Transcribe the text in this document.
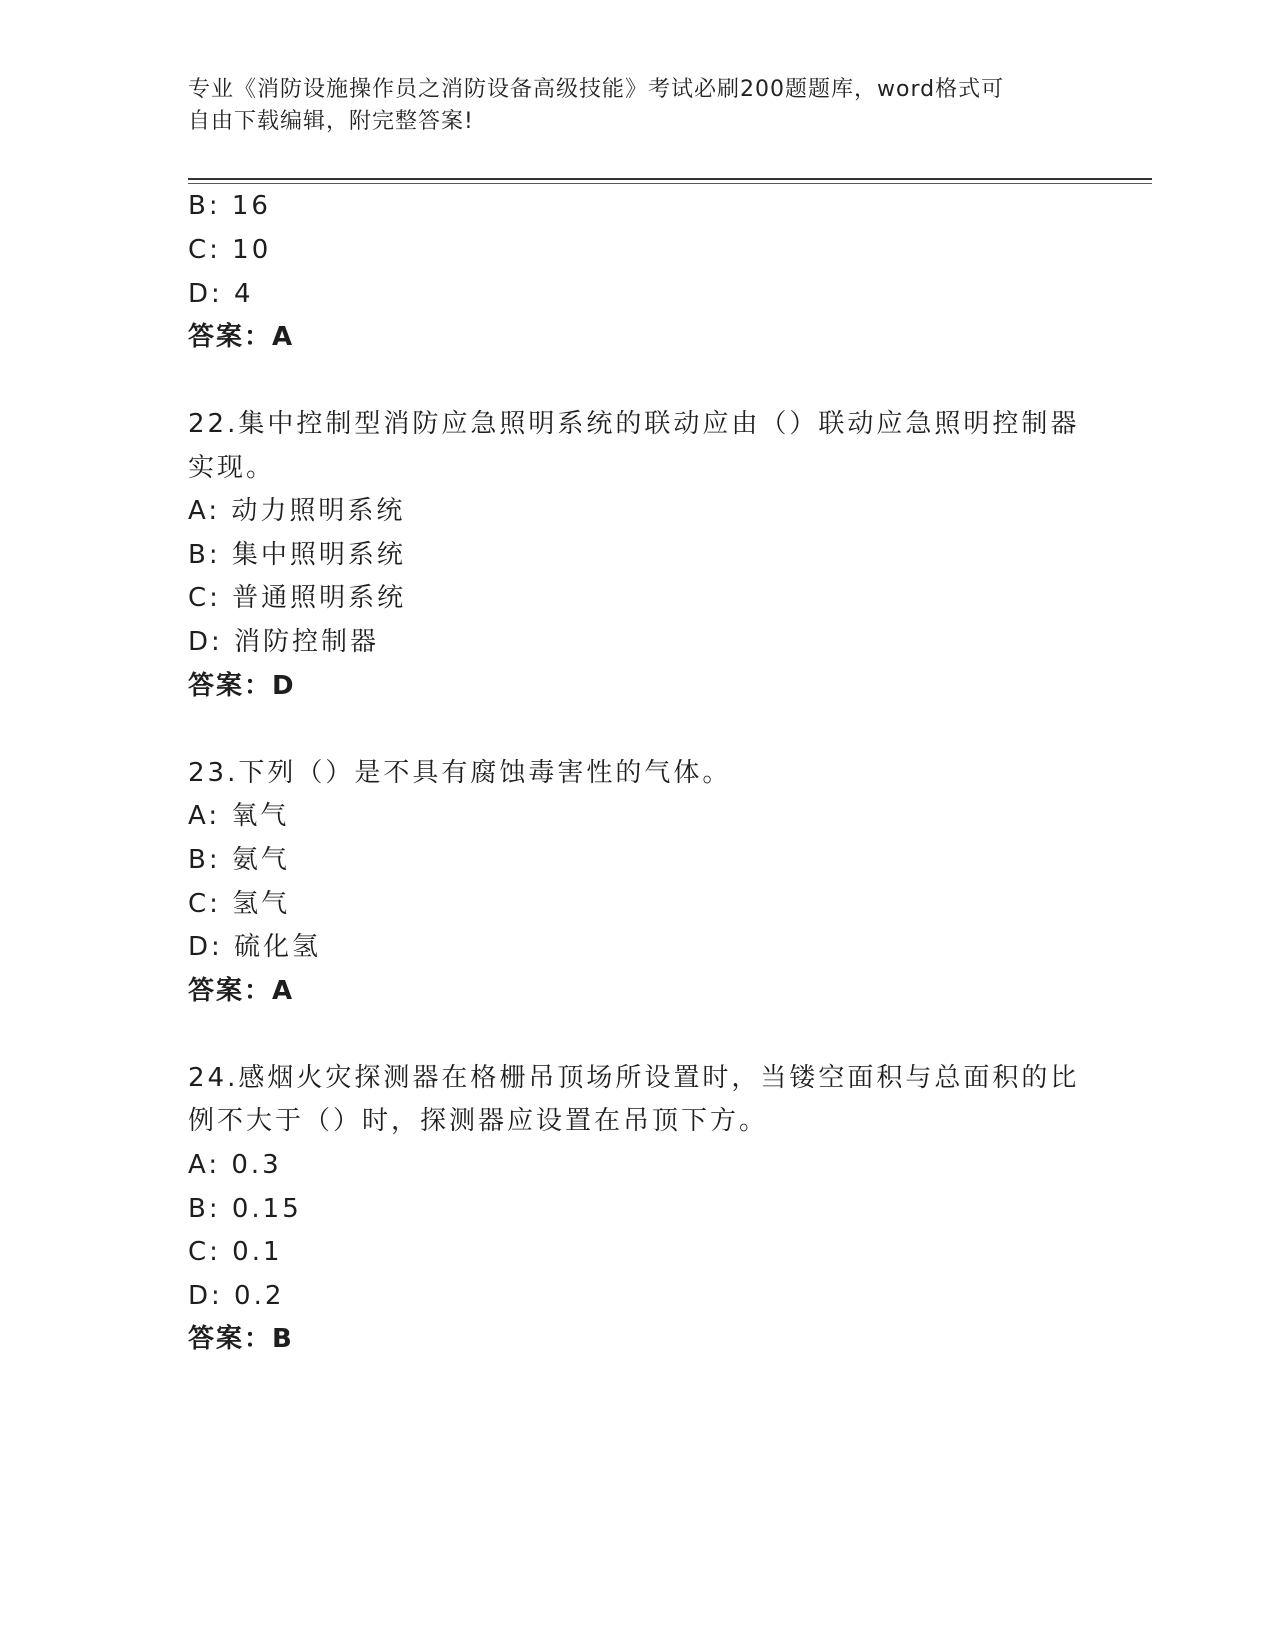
专业《消防设施操作员之消防设备高级技能》考试必刷200题题库，word格式可
自由下载编辑，附完整答案!
B: 16
C: 10
D: 4
答案：A
22.集中控制型消防应急照明系统的联动应由（）联动应急照明控制器
实现。
A: 动力照明系统
B: 集中照明系统
C: 普通照明系统
D: 消防控制器
答案：D
23.下列（）是不具有腐蚀毒害性的气体。
A: 氧气
B: 氨气
C: 氢气
D: 硫化氢
答案：A
24.感烟火灾探测器在格栅吊顶场所设置时，当镂空面积与总面积的比
例不大于（）时，探测器应设置在吊顶下方。
A: 0.3
B: 0.15
C: 0.1
D: 0.2
答案：B
